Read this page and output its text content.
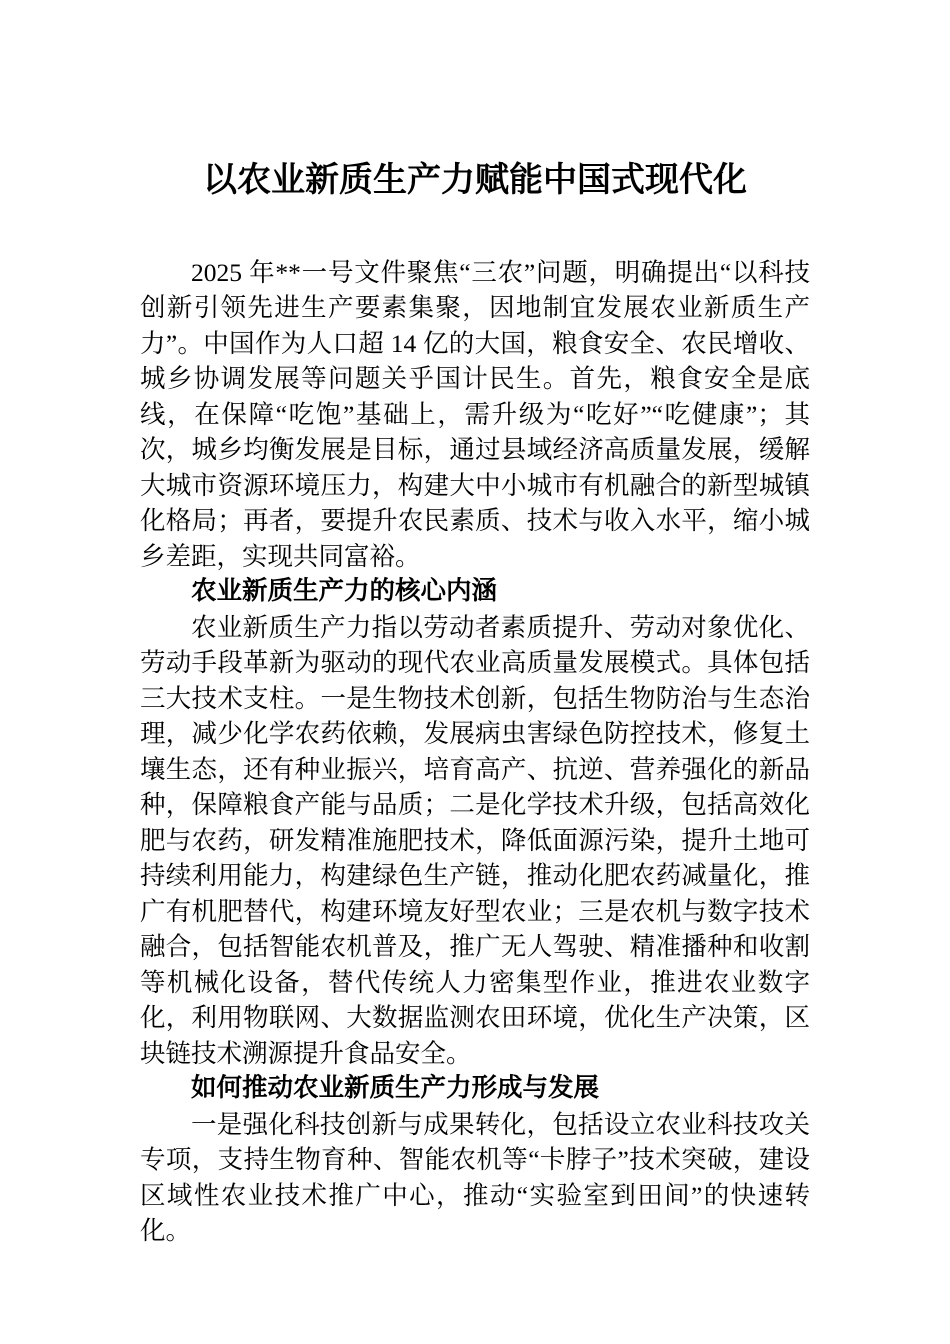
以农业新质生产力赋能中国式现代化

2025 年**一号文件聚焦“三农”问题，明确提出“以科技创新引领先进生产要素集聚，因地制宜发展农业新质生产力”。中国作为人口超 14 亿的大国，粮食安全、农民增收、城乡协调发展等问题关乎国计民生。首先，粮食安全是底线，在保障“吃饱”基础上，需升级为“吃好”“吃健康”；其次，城乡均衡发展是目标，通过县域经济高质量发展，缓解大城市资源环境压力，构建大中小城市有机融合的新型城镇化格局；再者，要提升农民素质、技术与收入水平，缩小城乡差距，实现共同富裕。

农业新质生产力的核心内涵

农业新质生产力指以劳动者素质提升、劳动对象优化、劳动手段革新为驱动的现代农业高质量发展模式。具体包括三大技术支柱。一是生物技术创新，包括生物防治与生态治理，减少化学农药依赖，发展病虫害绿色防控技术，修复土壤生态，还有种业振兴，培育高产、抗逆、营养强化的新品种，保障粮食产能与品质；二是化学技术升级，包括高效化肥与农药，研发精准施肥技术，降低面源污染，提升土地可持续利用能力，构建绿色生产链，推动化肥农药减量化，推广有机肥替代，构建环境友好型农业；三是农机与数字技术融合，包括智能农机普及，推广无人驾驶、精准播种和收割等机械化设备，替代传统人力密集型作业，推进农业数字化，利用物联网、大数据监测农田环境，优化生产决策，区块链技术溯源提升食品安全。

如何推动农业新质生产力形成与发展

一是强化科技创新与成果转化，包括设立农业科技攻关专项，支持生物育种、智能农机等“卡脖子”技术突破，建设区域性农业技术推广中心，推动“实验室到田间”的快速转化。
